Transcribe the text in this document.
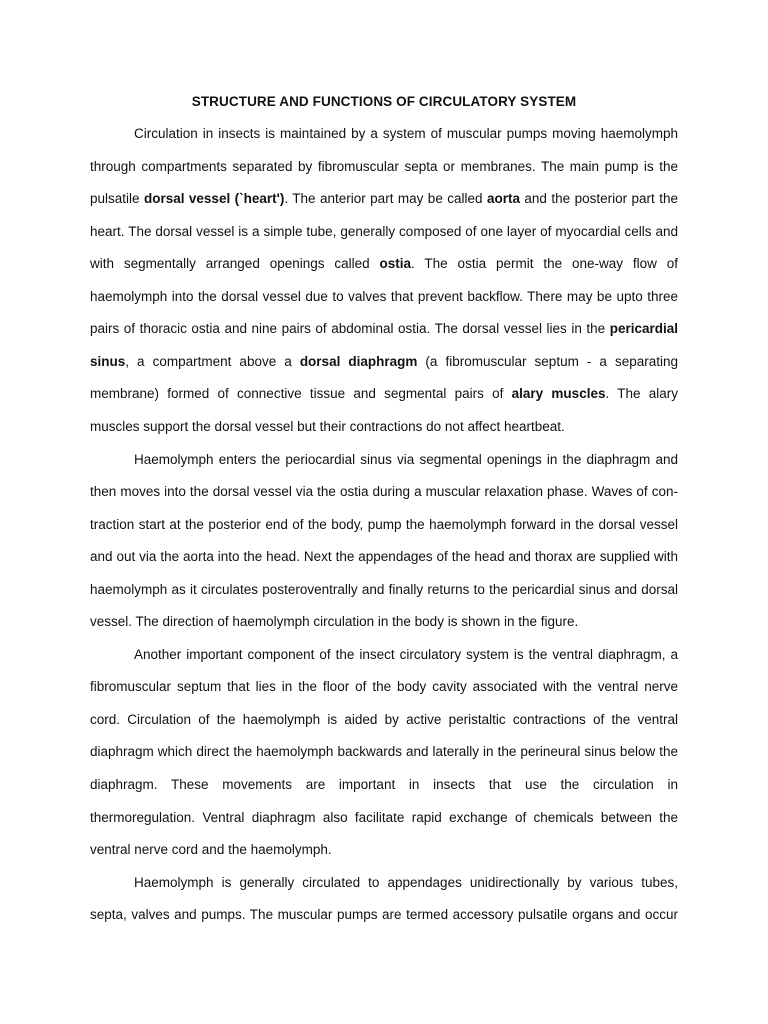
STRUCTURE AND FUNCTIONS OF CIRCULATORY SYSTEM
Circulation in insects is maintained by a system of muscular pumps moving haemolymph
through compartments separated by fibromuscular septa or membranes. The main pump is the
pulsatile dorsal vessel (`heart'). The anterior part may be called aorta and the posterior part the
heart. The dorsal vessel is a simple tube, generally composed of one layer of myocardial cells and
with segmentally arranged openings called ostia. The ostia permit the one-way flow of
haemolymph into the dorsal vessel due to valves that prevent backflow. There may be upto three
pairs of thoracic ostia and nine pairs of abdominal ostia. The dorsal vessel lies in the pericardial
sinus, a compartment above a dorsal diaphragm (a fibromuscular septum - a separating
membrane) formed of connective tissue and segmental pairs of alary muscles. The alary
muscles support the dorsal vessel but their contractions do not affect heartbeat.
Haemolymph enters the periocardial sinus via segmental openings in the diaphragm and
then moves into the dorsal vessel via the ostia during a muscular relaxation phase. Waves of con-
traction start at the posterior end of the body, pump the haemolymph forward in the dorsal vessel
and out via the aorta into the head. Next the appendages of the head and thorax are supplied with
haemolymph as it circulates posteroventrally and finally returns to the pericardial sinus and dorsal
vessel. The direction of haemolymph circulation in the body is shown in the figure.
Another important component of the insect circulatory system is the ventral diaphragm, a
fibromuscular septum that lies in the floor of the body cavity associated with the ventral nerve
cord. Circulation of the haemolymph is aided by active peristaltic contractions of the ventral
diaphragm which direct the haemolymph backwards and laterally in the perineural sinus below the
diaphragm. These movements are important in insects that use the circulation in
thermoregulation. Ventral diaphragm also facilitate rapid exchange of chemicals between the
ventral nerve cord and the haemolymph.
Haemolymph is generally circulated to appendages unidirectionally by various tubes,
septa, valves and pumps. The muscular pumps are termed accessory pulsatile organs and occur
